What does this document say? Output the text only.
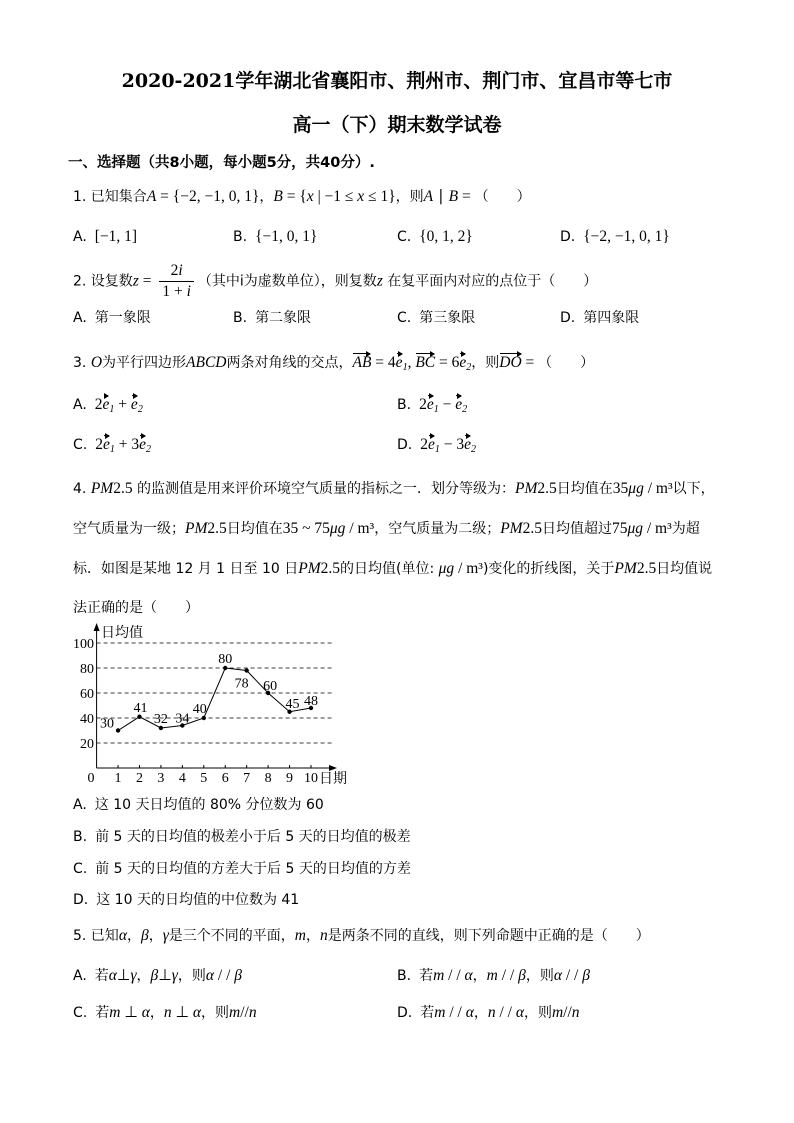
2020-2021学年湖北省襄阳市、荆州市、荆门市、宜昌市等七市
高一（下）期末数学试卷
一、选择题（共8小题，每小题5分，共40分）.
1. 已知集合A = {−2, −1, 0, 1}，B = {x | −1 ≤ x ≤ 1}，则A ∣ B = （　　）
A. [−1, 1]	B. {−1, 0, 1}	C. {0, 1, 2}	D. {−2, −1, 0, 1}
2. 设复数$z = \frac{2i}{1 + i}$ （其中i为虚数单位），则复数z 在复平面内对应的点位于（　　）
A. 第一象限	B. 第二象限	C. 第三象限	D. 第四象限
3. O为平行四边形ABCD两条对角线的交点，AB = 4e1, BC = 6e2，则DO = （　　）
A. 2e1 + e2	B. 2e1 − e2
C. 2e1 + 3e2	D. 2e1 − 3e2
4. PM2.5 的监测值是用来评价环境空气质量的指标之一．划分等级为：PM2.5日均值在35μg / m³以下，空气质量为一级；PM2.5日均值在35 ~ 75μg / m³，空气质量为二级；PM2.5日均值超过75μg / m³为超标．如图是某地 12 月 1 日至 10 日PM2.5的日均值(单位: μg / m³)变化的折线图，关于PM2.5日均值说法正确的是（　　）
20
40
60
80
100
0 1 2 3 4 5 6 7 8 9 10
日均值
日期
30
41
32 34
40
80
78 60
45 48
A. 这 10 天日均值的 80% 分位数为 60
B. 前 5 天的日均值的极差小于后 5 天的日均值的极差
C. 前 5 天的日均值的方差大于后 5 天的日均值的方差
D. 这 10 天的日均值的中位数为 41
5. 已知α，β，γ是三个不同的平面，m，n是两条不同的直线，则下列命题中正确的是（　　）
A. 若α⊥γ，β⊥γ，则α / / β	B. 若m / / α，m / / β，则α / / β
C. 若m ⊥ α，n ⊥ α，则m//n	D. 若m / / α，n / / α，则m//n
